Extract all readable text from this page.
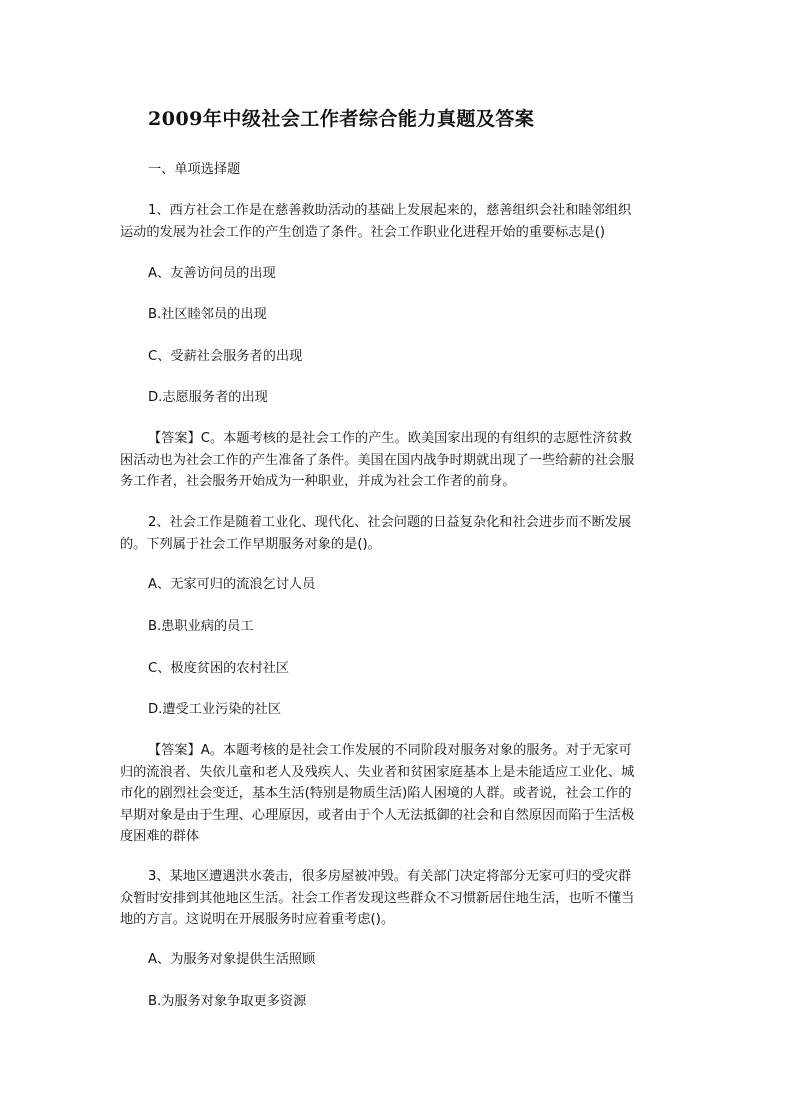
2009年中级社会工作者综合能力真题及答案
一、单项选择题
1、西方社会工作是在慈善救助活动的基础上发展起来的，慈善组织会社和睦邻组织
运动的发展为社会工作的产生创造了条件。社会工作职业化进程开始的重要标志是()
A、友善访问员的出现
B.社区睦邻员的出现
C、受薪社会服务者的出现
D.志愿服务者的出现
【答案】C。本题考核的是社会工作的产生。欧美国家出现的有组织的志愿性济贫救
困活动也为社会工作的产生准备了条件。美国在国内战争时期就出现了一些给薪的社会服
务工作者，社会服务开始成为一种职业，并成为社会工作者的前身。
2、社会工作是随着工业化、现代化、社会问题的日益复杂化和社会进步而不断发展
的。下列属于社会工作早期服务对象的是()。
A、无家可归的流浪乞讨人员
B.患职业病的员工
C、极度贫困的农村社区
D.遭受工业污染的社区
【答案】A。本题考核的是社会工作发展的不同阶段对服务对象的服务。对于无家可
归的流浪者、失依儿童和老人及残疾人、失业者和贫困家庭基本上是未能适应工业化、城
市化的剧烈社会变迁，基本生活(特别是物质生活)陷人困境的人群。或者说，社会工作的
早期对象是由于生理、心理原因，或者由于个人无法抵御的社会和自然原因而陷于生活极
度困难的群体
3、某地区遭遇洪水袭击，很多房屋被冲毁。有关部门决定将部分无家可归的受灾群
众暂时安排到其他地区生活。社会工作者发现这些群众不习惯新居住地生活，也听不懂当
地的方言。这说明在开展服务时应着重考虑()。
A、为服务对象提供生活照顾
B.为服务对象争取更多资源
